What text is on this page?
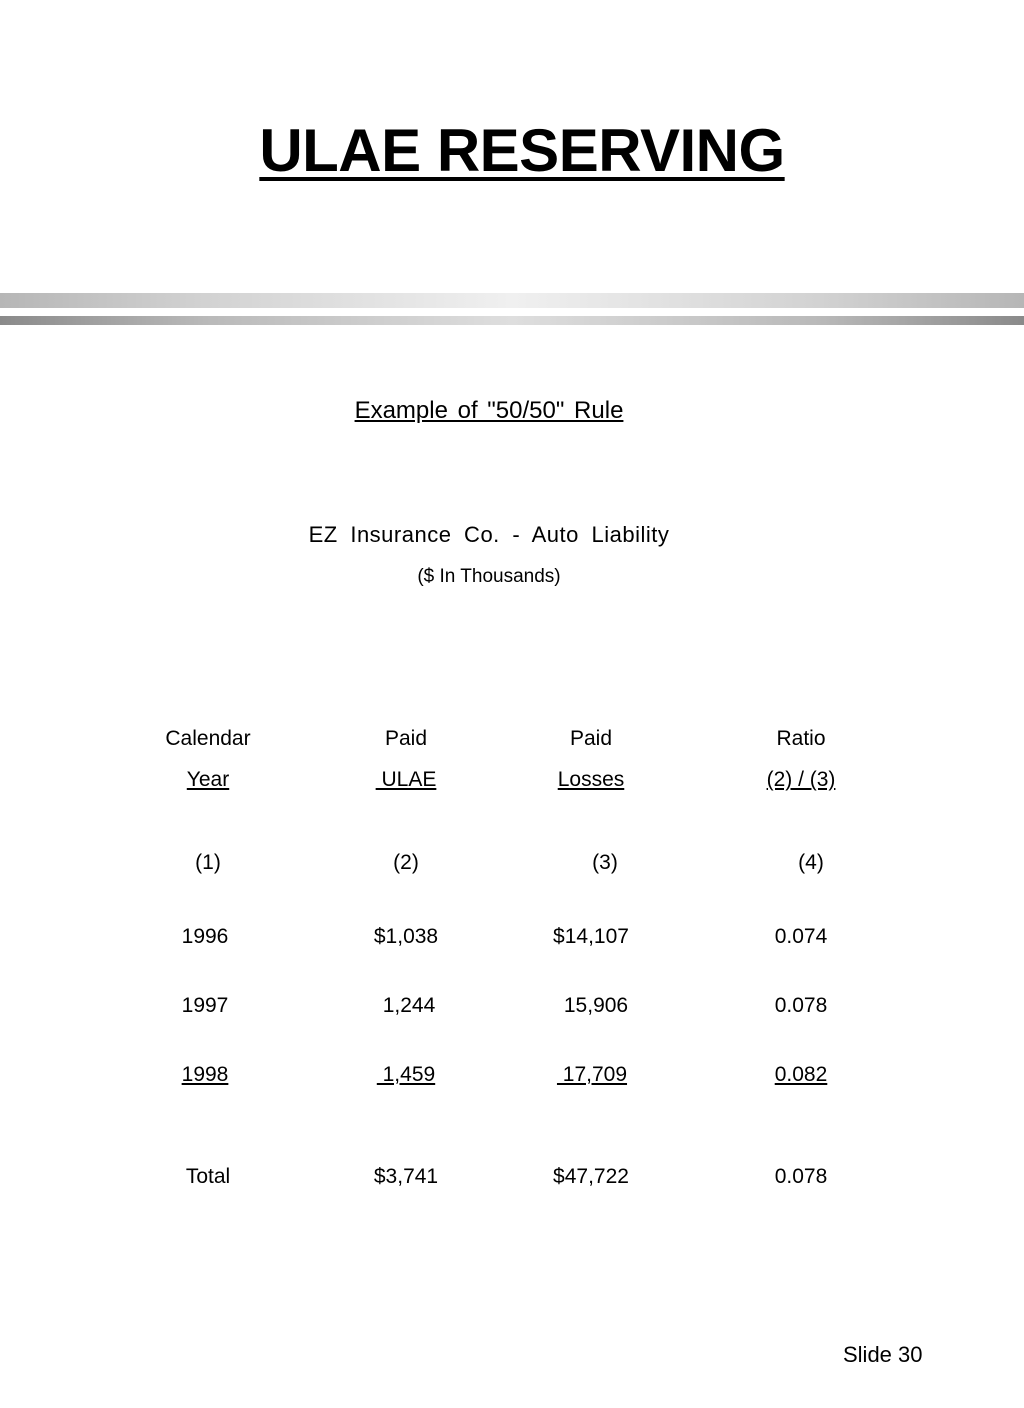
ULAE RESERVING
Example of "50/50" Rule
EZ Insurance Co. - Auto Liability
($ In Thousands)
Calendar	Paid	Paid	Ratio
Year	ULAE	Losses	(2) / (3)
(1)	(2)	(3)	(4)
1996	$1,038	$14,107	0.074
1997	1,244	15,906	0.078
1998	1,459	17,709	0.082
Total	$3,741	$47,722	0.078
Slide 30
